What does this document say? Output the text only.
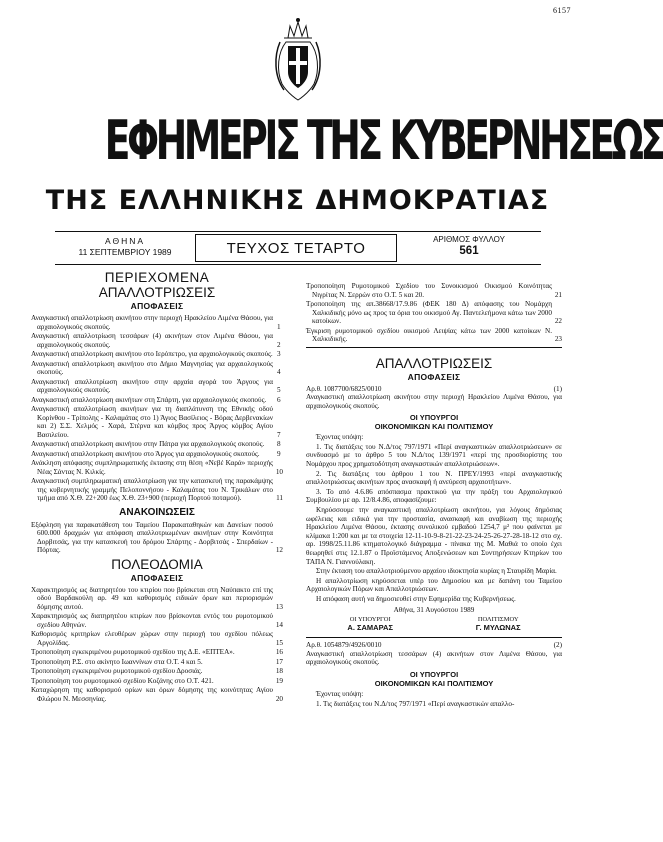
6157
ΕΦΗΜΕΡΙΣ ΤΗΣ ΚΥΒΕΡΝΗΣΕΩΣ
ΤΗΣ ΕΛΛΗΝΙΚΗΣ ΔΗΜΟΚΡΑΤΙΑΣ
ΑΘΗΝΑ
11 ΣΕΠΤΕΜΒΡΙΟΥ 1989	ΤΕΥΧΟΣ ΤΕΤΑΡΤΟ	ΑΡΙΘΜΟΣ ΦΥΛΛΟΥ
561
ΠΕΡΙΕΧΟΜΕΝΑ
ΑΠΑΛΛΟΤΡΙΩΣΕΙΣ
ΑΠΟΦΑΣΕΙΣ
Αναγκαστική απαλλοτρίωση ακινήτου στην περιοχή Ηρακλείου Λιμένα Θάσου, για αρχαιολογικούς σκοπούς.	1
Αναγκαστική απαλλοτρίωση τεσσάρων (4) ακινήτων στον Λιμένα Θάσου, για αρχαιολογικούς σκοπούς.	2
Αναγκαστική απαλλοτρίωση ακινήτου στο Ιερόπετρο, για αρχαιολογικούς σκοπούς. 3
Αναγκαστική απαλλοτρίωση ακινήτου στο Δήμιο Μαγνησίας για αρχαιολογικούς σκοπούς.	4
Αναγκαστική απαλλοτρίωση ακινήτου στην αρχαία αγορά του Άργους για αρχαιολογικούς σκοπούς.	5
Αναγκαστική απαλλοτρίωση ακινήτων στη Σπάρτη, για αρχαιολογικούς σκοπούς. 6
Αναγκαστική απαλλοτρίωση ακινήτων για τη διαπλάτυνση της Εθνικής οδού Κορίνθου - Τρίπολης - Καλαμάτας στο 1) Άγιος Βασίλειος - Βόρας Δερβενακίων και 2) Σ.Σ. Χελμός - Χαρά, Στέρνα και κόμβος προς Άργος κόμβος Αγίου Βασιλείου.	7
Αναγκαστική απαλλοτρίωση ακινήτου στην Πάτρα για αρχαιολογικούς σκοπούς. 8
Αναγκαστική απαλλοτρίωση ακινήτου στο Άργος για αρχαιολογικούς σκοπούς. 9
Ανάκληση απόφασης συμπληρωματικής έκτασης στη θέση «Νεβέ Καρά» περιοχής Νέας Σάντας Ν. Κιλκίς.	10
Αναγκαστική συμπληρωματική απαλλοτρίωση για την κατασκευή της παρακάμψης της κυβερνητικής γραμμής Πελοποννήσου - Καλαμάτας του Ν. Τρικάλων στο τμήμα από Χ.Θ. 22+200 έως Χ.Θ. 23+900 (περιοχή Πορτού ποταμού).	11
ΑΝΑΚΟΙΝΩΣΕΙΣ
Εξόφληση για παρακατάθεση του Ταμείου Παρακαταθηκών και Δανείων ποσού 600.000 δραχμών για απόφαση απαλλοτριωμένων ακινήτων στην Κοινότητα Δορβιτσάς, για την κατασκευή του δρόμου Σπάρτης - Δορβιτσάς - Σπερδαίων - Πόρτας.	12
ΠΟΛΕΟΔΟΜΙΑ
ΑΠΟΦΑΣΕΙΣ
Χαρακτηρισμός ως διατηρητέου του κτιρίου που βρίσκεται στη Ναύπακτο επί της οδού Βαρδακούλη αρ. 49 και καθορισμός ειδικών όρων και περιορισμών δόμησης αυτού.	13
Χαρακτηρισμός ως διατηρητέου κτιρίων που βρίσκονται εντός του ρυμοτομικού σχεδίου Αθηνών.	14
Καθορισμός κριτηρίων ελευθέρων χώρων στην περιοχή του σχεδίου πόλεως Αργολίδας.	15
Τροποποίηση εγκεκριμένου ρυμοτομικού σχεδίου της Δ.Ε. «ΕΠΤΕΑ».	16
Τροποποίηση Ρ.Σ. στο ακίνητο Ιωαννίνων στα Ο.Τ. 4 και 5.	17
Τροποποίηση εγκεκριμένου ρυμοτομικού σχεδίου Δροσιάς.	18
Τροποποίηση του ρυμοτομικού σχεδίου Κοζάνης στο Ο.Τ. 421.	19
Καταχώρηση της καθορισμού ορίων και όρων δόμησης της κοινότητας Αγίου Φλώρου Ν. Μεσσηνίας.	20
Τροποποίηση Ρυμοτομικού Σχεδίου του Συνοικισμού Οικισμού Κοινότητας Νιγρίτας Ν. Σερρών στο Ο.Τ. 5 και 20.	21
Τροποποίηση της απ.38668/17.9.86 (ΦΕΚ 180 Δ) απόφασης του Νομάρχη Χαλκιδικής μόνο ως προς τα όρια του οικισμού Αγ. Παντελεήμονα κάτω των 2000 κατοίκων.	22
Έγκριση ρυμοτομικού σχεδίου οικισμού Λειψίας κάτω των 2000 κατοίκων Ν. Χαλκιδικής.	23
ΑΠΑΛΛΟΤΡΙΩΣΕΙΣ
ΑΠΟΦΑΣΕΙΣ
Αρ.θ. 1087700/6825/0010	(1)
Αναγκαστική απαλλοτρίωση ακινήτου στην περιοχή Ηρακλείου Λιμένα Θάσου, για αρχαιολογικούς σκοπούς.
ΟΙ ΥΠΟΥΡΓΟΙ
ΟΙΚΟΝΟΜΙΚΩΝ ΚΑΙ ΠΟΛΙΤΙΣΜΟΥ

Έχοντας υπόψη:

1. Τις διατάξεις του Ν.Δ/τος 797/1971 «Περί αναγκαστικών απαλλοτριώσεων» σε συνδυασμό με το άρθρο 5 του Ν.Δ/τος 139/1971 «περί της προσδιορίστης του Νομάρχου προς χρηματοδότηση αναγκαστικών απαλλοτριώσεων».

2. Τις διατάξεις του άρθρου 1 του Ν. ΠΡΕΥ/1993 «περί αναγκαστικής απαλλοτριώσεως ακινήτων προς ανασκαφή ή ανεύρεση αρχαιοτήτων».

3. Το από 4.6.86 απόσπασμα πρακτικού για την πράξη του Αρχαιολογικού Συμβουλίου με αρ. 12/8.4.86, αποφασίζουμε:

Κηρύσσουμε την αναγκαστική απαλλοτρίωση ακινήτου, για λόγους δημόσιας ωφέλειας και ειδικά για την προστασία, ανασκαφή και αναβίωση της περιοχής Ηρακλείου Λιμένα Θάσου, έκτασης συνολικού εμβαδού 1254,7 μ² που φαίνεται με κλίμακα 1:200 και με τα στοιχεία 12-11-10-9-8-21-22-23-24-25-26-27-28-18-12 στο σχ. αρ. 1998/25.11.86 κτηματολογικό διάγραμμα - πίνακα της Μ. Μαθιά το οποίο έχει θεωρηθεί στις 12.1.87 ο Προϊστάμενος Αποξενώσεων και Συντηρήσεων Κτηρίων του ΤΑΠΑ Ν. Γιαννούλακη.

Στην έκταση του απαλλοτριούμενου αρχαίου ιδιοκτησία κυρίας η Σταυρίδη Μαρία.

Η απαλλοτρίωση κηρύσσεται υπέρ του Δημοσίου και με δαπάνη του Ταμείου Αρχαιολογικών Πόρων και Απαλλοτριώσεων.

Η απόφαση αυτή να δημοσιευθεί στην Εφημερίδα της Κυβερνήσεως.

Αθήνα, 31 Αυγούστου 1989
ΟΙ ΥΠΟΥΡΓΟΙ
Α. ΣΑΜΑΡΑΣ
ΠΟΛΙΤΙΣΜΟΥ
Γ. ΜΥΛΩΝΑΣ
Αρ.θ. 1054879/4926/0010	(2)
Αναγκαστική απαλλοτρίωση τεσσάρων (4) ακινήτων στον Λιμένα Θάσου, για αρχαιολογικούς σκοπούς.
ΟΙ ΥΠΟΥΡΓΟΙ
ΟΙΚΟΝΟΜΙΚΩΝ ΚΑΙ ΠΟΛΙΤΙΣΜΟΥ

Έχοντας υπόψη:

1. Τις διατάξεις του Ν.Δ/τος 797/1971 «Περί αναγκαστικών απαλλο-
